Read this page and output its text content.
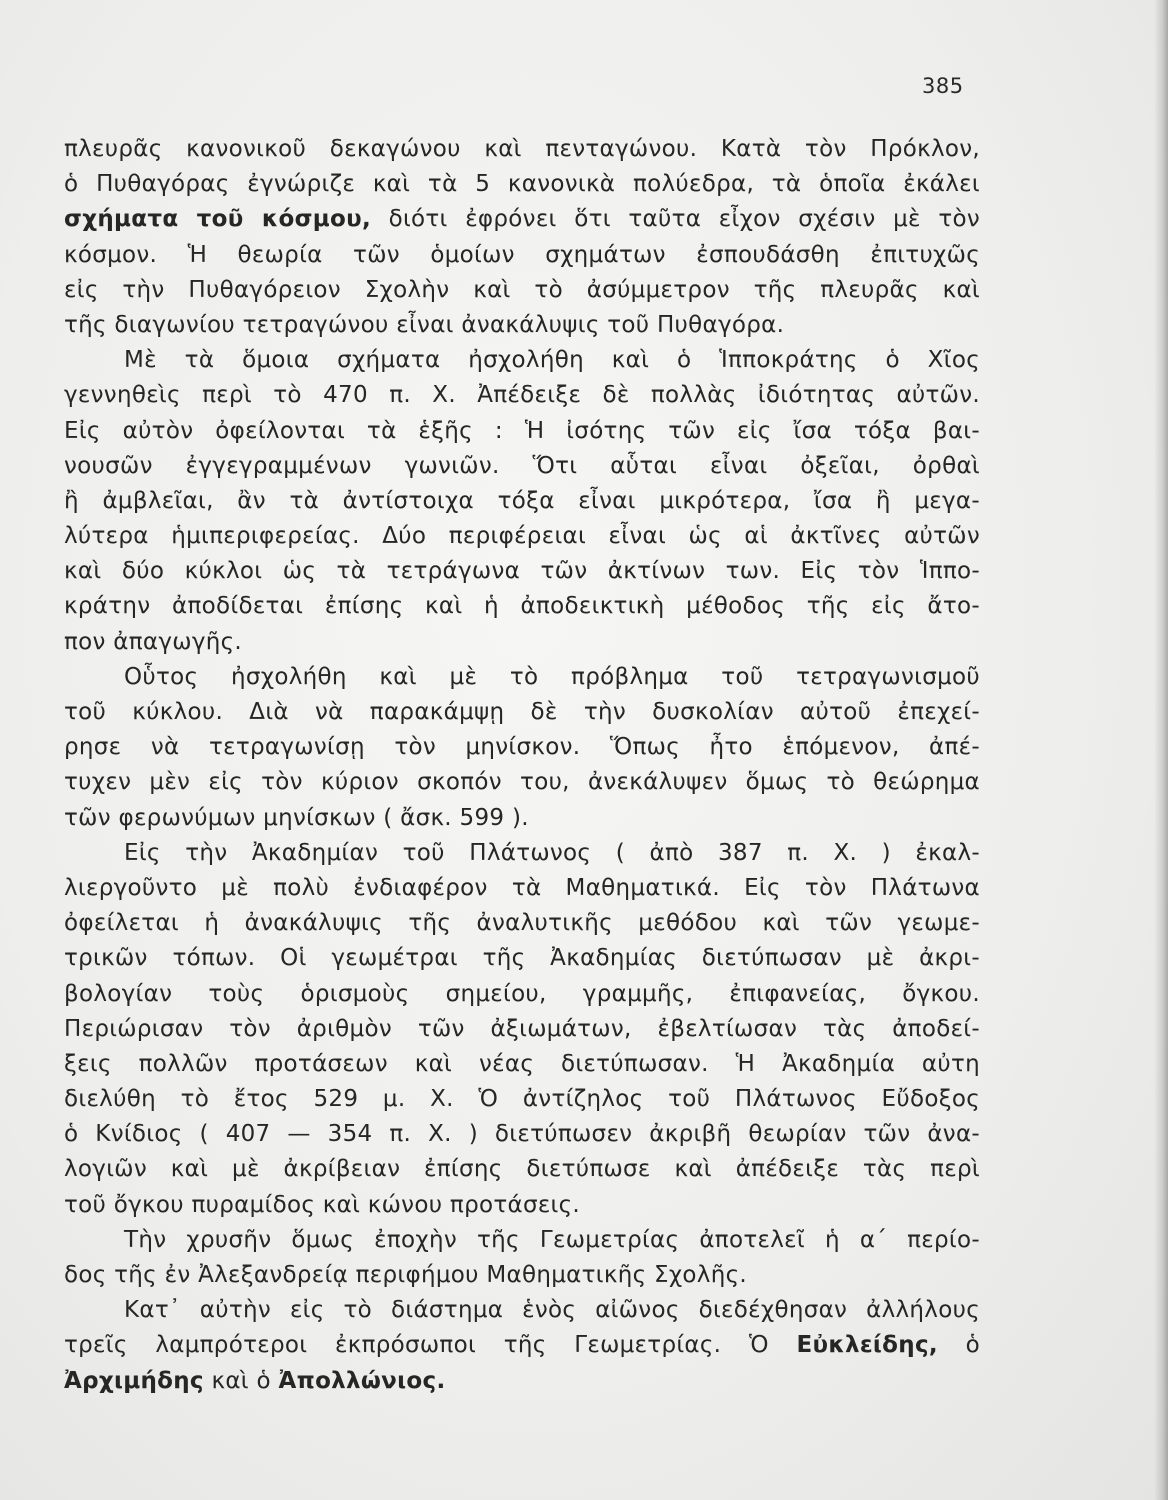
385
πλευρᾶς κανονικοῦ δεκαγώνου καὶ πενταγώνου. Κατὰ τὸν Πρόκλον,
ὁ Πυθαγόρας ἐγνώριζε καὶ τὰ 5 κανονικὰ πολύεδρα, τὰ ὁποῖα ἐκάλει
σχήματα τοῦ κόσμου, διότι ἐφρόνει ὅτι ταῦτα εἶχον σχέσιν μὲ τὸν
κόσμον. Ἡ θεωρία τῶν ὁμοίων σχημάτων ἐσπουδάσθη ἐπιτυχῶς
εἰς τὴν Πυθαγόρειον Σχολὴν καὶ τὸ ἀσύμμετρον τῆς πλευρᾶς καὶ
τῆς διαγωνίου τετραγώνου εἶναι ἀνακάλυψις τοῦ Πυθαγόρα.
Μὲ τὰ ὅμοια σχήματα ἠσχολήθη καὶ ὁ Ἱπποκράτης ὁ Χῖος
γεννηθεὶς περὶ τὸ 470 π. Χ. Ἀπέδειξε δὲ πολλὰς ἰδιότητας αὐτῶν.
Εἰς αὐτὸν ὀφείλονται τὰ ἑξῆς : Ἡ ἰσότης τῶν εἰς ἴσα τόξα βαι-
νουσῶν ἐγγεγραμμένων γωνιῶν. Ὅτι αὗται εἶναι ὀξεῖαι, ὀρθαὶ
ἢ ἀμβλεῖαι, ἂν τὰ ἀντίστοιχα τόξα εἶναι μικρότερα, ἴσα ἢ μεγα-
λύτερα ἡμιπεριφερείας. Δύο περιφέρειαι εἶναι ὡς αἱ ἀκτῖνες αὐτῶν
καὶ δύο κύκλοι ὡς τὰ τετράγωνα τῶν ἀκτίνων των. Εἰς τὸν Ἱππο-
κράτην ἀποδίδεται ἐπίσης καὶ ἡ ἀποδεικτικὴ μέθοδος τῆς εἰς ἄτο-
πον ἀπαγωγῆς.
Οὗτος ἠσχολήθη καὶ μὲ τὸ πρόβλημα τοῦ τετραγωνισμοῦ
τοῦ κύκλου. Διὰ νὰ παρακάμψῃ δὲ τὴν δυσκολίαν αὐτοῦ ἐπεχεί-
ρησε νὰ τετραγωνίσῃ τὸν μηνίσκον. Ὅπως ἦτο ἑπόμενον, ἀπέ-
τυχεν μὲν εἰς τὸν κύριον σκοπόν του, ἀνεκάλυψεν ὅμως τὸ θεώρημα
τῶν φερωνύμων μηνίσκων ( ἄσκ. 599 ).
Εἰς τὴν Ἀκαδημίαν τοῦ Πλάτωνος ( ἀπὸ 387 π. Χ. ) ἐκαλ-
λιεργοῦντο μὲ πολὺ ἐνδιαφέρον τὰ Μαθηματικά. Εἰς τὸν Πλάτωνα
ὀφείλεται ἡ ἀνακάλυψις τῆς ἀναλυτικῆς μεθόδου καὶ τῶν γεωμε-
τρικῶν τόπων. Οἱ γεωμέτραι τῆς Ἀκαδημίας διετύπωσαν μὲ ἀκρι-
βολογίαν τοὺς ὁρισμοὺς σημείου, γραμμῆς, ἐπιφανείας, ὄγκου.
Περιώρισαν τὸν ἀριθμὸν τῶν ἀξιωμάτων, ἐβελτίωσαν τὰς ἀποδεί-
ξεις πολλῶν προτάσεων καὶ νέας διετύπωσαν. Ἡ Ἀκαδημία αὐτη
διελύθη τὸ ἔτος 529 μ. Χ. Ὁ ἀντίζηλος τοῦ Πλάτωνος Εὔδοξος
ὁ Κνίδιος ( 407 — 354 π. Χ. ) διετύπωσεν ἀκριβῆ θεωρίαν τῶν ἀνα-
λογιῶν καὶ μὲ ἀκρίβειαν ἐπίσης διετύπωσε καὶ ἀπέδειξε τὰς περὶ
τοῦ ὄγκου πυραμίδος καὶ κώνου προτάσεις.
Τὴν χρυσῆν ὅμως ἐποχὴν τῆς Γεωμετρίας ἀποτελεῖ ἡ α΄ περίο-
δος τῆς ἐν Ἀλεξανδρείᾳ περιφήμου Μαθηματικῆς Σχολῆς.
Κατ᾽ αὐτὴν εἰς τὸ διάστημα ἑνὸς αἰῶνος διεδέχθησαν ἀλλήλους
τρεῖς λαμπρότεροι ἐκπρόσωποι τῆς Γεωμετρίας. Ὁ Εὐκλείδης, ὁ
Ἀρχιμήδης καὶ ὁ Ἀπολλώνιος.
